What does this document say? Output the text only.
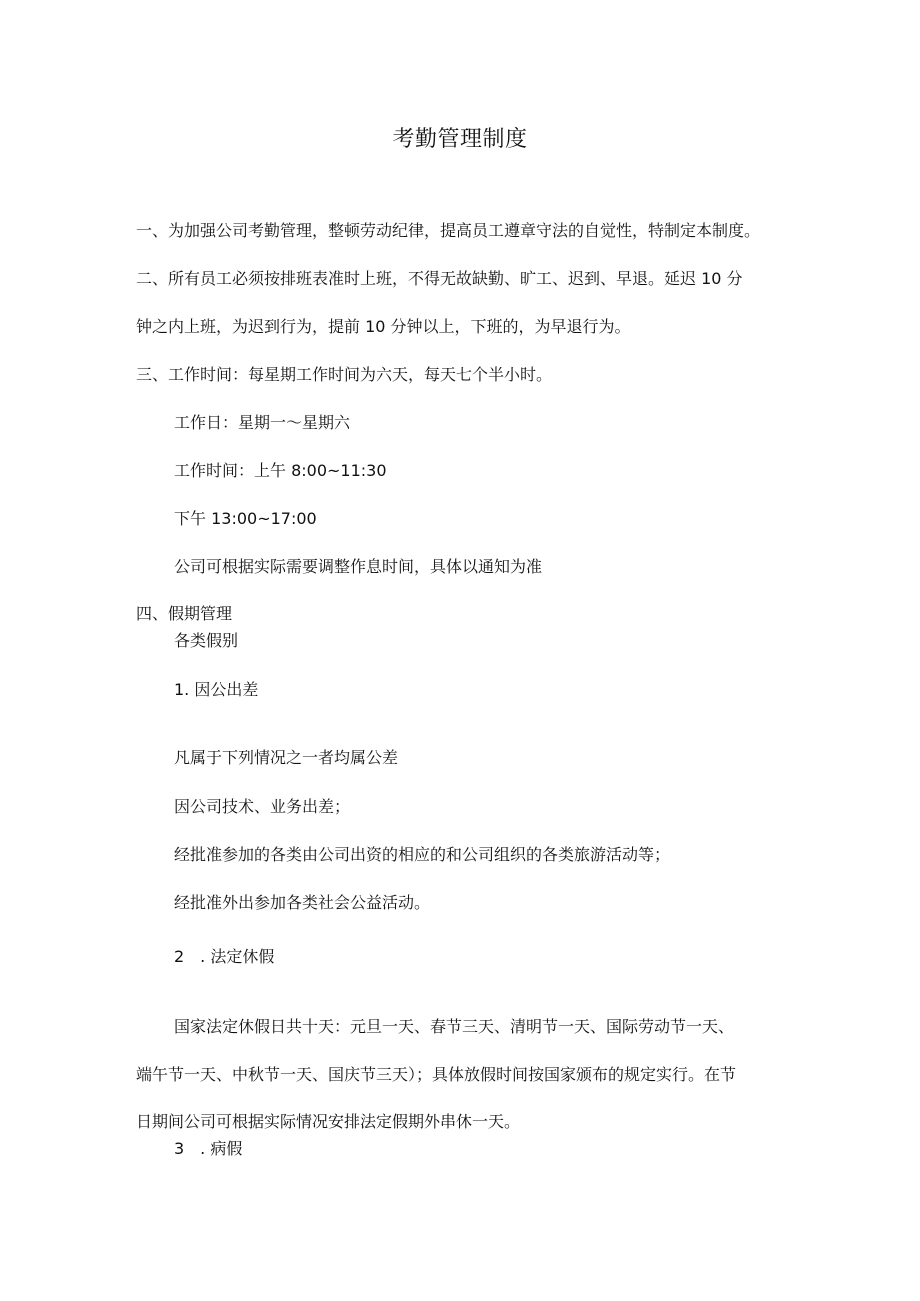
考勤管理制度

一、为加强公司考勤管理，整顿劳动纪律，提高员工遵章守法的自觉性，特制定本制度。

二、所有员工必须按排班表准时上班，不得无故缺勤、旷工、迟到、早退。延迟 10 分

钟之内上班，为迟到行为，提前 10 分钟以上，下班的，为早退行为。

三、工作时间：每星期工作时间为六天，每天七个半小时。

工作日：星期一～星期六

工作时间：上午 8:00~11:30

下午 13:00~17:00

公司可根据实际需要调整作息时间，具体以通知为准

四、假期管理

各类假别

1. 因公出差

凡属于下列情况之一者均属公差

因公司技术、业务出差；

经批准参加的各类由公司出资的相应的和公司组织的各类旅游活动等；

经批准外出参加各类社会公益活动。

2　. 法定休假

国家法定休假日共十天：元旦一天、春节三天、清明节一天、国际劳动节一天、

端午节一天、中秋节一天、国庆节三天）；具体放假时间按国家颁布的规定实行。在节

日期间公司可根据实际情况安排法定假期外串休一天。

3　. 病假
